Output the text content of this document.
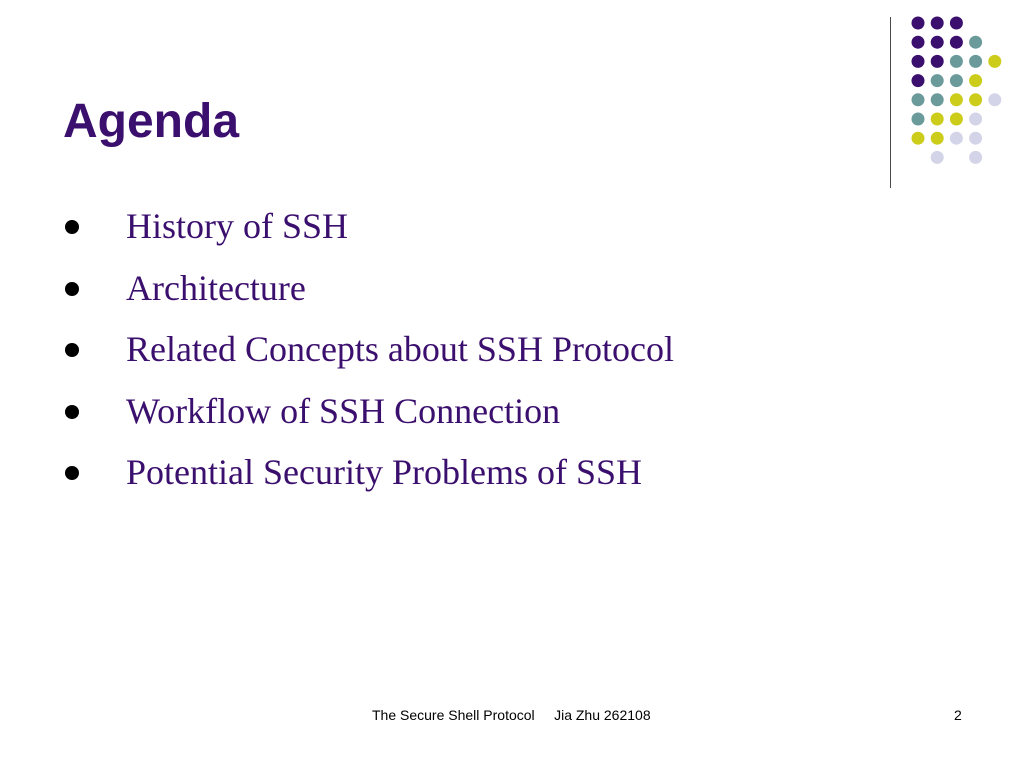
Agenda
History of SSH
Architecture
Related Concepts about SSH Protocol
Workflow of SSH Connection
Potential Security Problems of SSH
The Secure Shell Protocol     Jia Zhu 262108	2
